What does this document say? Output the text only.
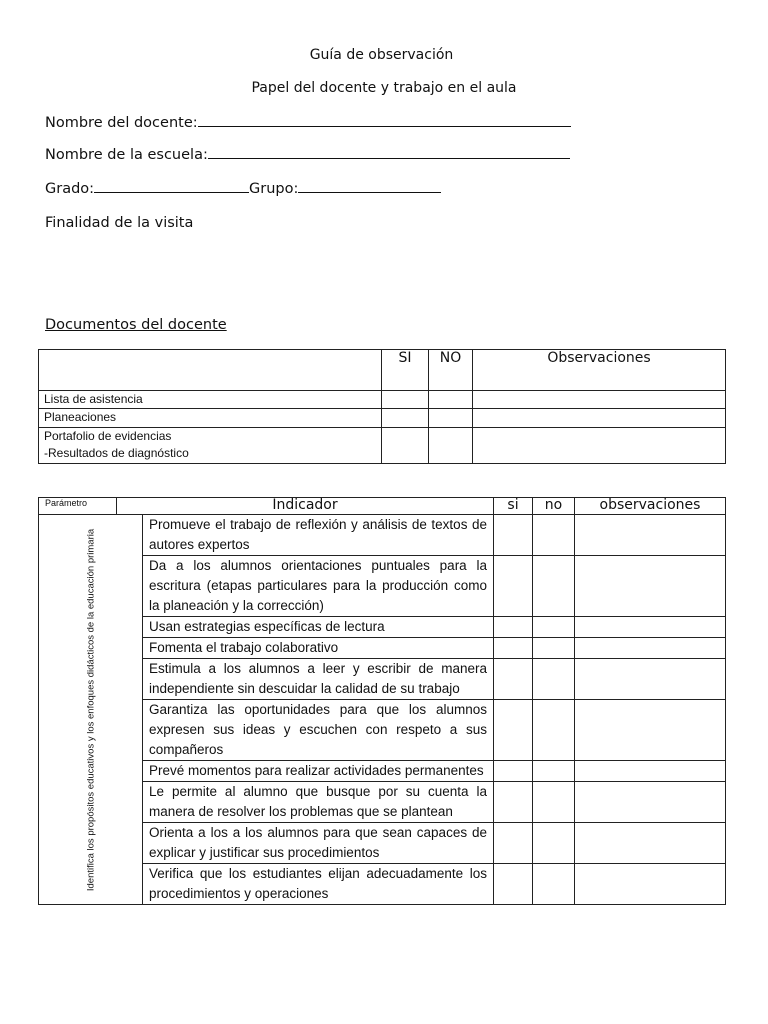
Guía de observación
Papel del docente y trabajo en el aula
Nombre del docente:
Nombre de la escuela:
Grado:	Grupo:
Finalidad de la visita
Documentos del docente
	SI	NO	Observaciones
Lista de asistencia			
Planeaciones			

Portafolio de evidencias
-Resultados de diagnóstico			

Parámetro	Indicador		si	no	observaciones

Identifica los propósitos educativos y los enfoques didácticos de la educación primaria		Promueve el trabajo de reflexión y análisis de textos de autores expertos			
		Da a los alumnos orientaciones puntuales para la escritura (etapas particulares para la producción como la planeación y la corrección)			
		Usan estrategias específicas de lectura			
		Fomenta el trabajo colaborativo			
		Estimula a los alumnos a leer y escribir de manera independiente sin descuidar la calidad de su trabajo			
		Garantiza las oportunidades para que los alumnos expresen sus ideas y escuchen con respeto a sus compañeros			
		Prevé momentos para realizar actividades permanentes			
		Le permite al alumno que busque por su cuenta la manera de resolver los problemas que se plantean			
		Orienta a los a los alumnos para que sean capaces de explicar y justificar sus procedimientos			
		Verifica que los estudiantes elijan adecuadamente los procedimientos y operaciones			
